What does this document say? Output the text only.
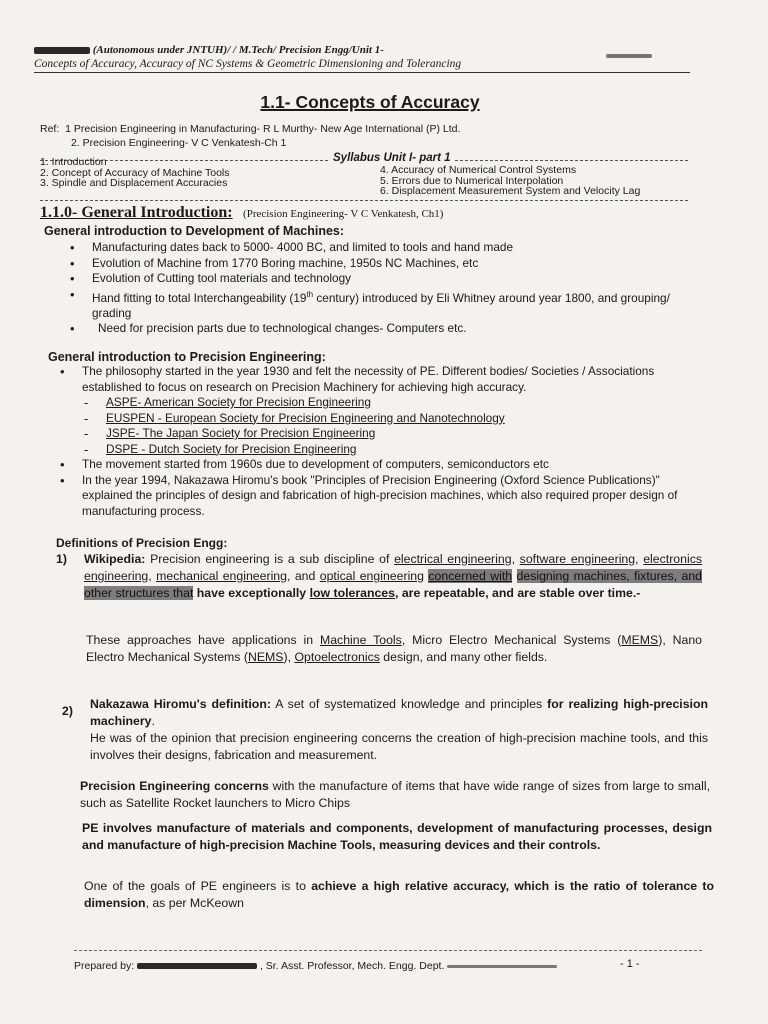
(Autonomous under JNTUH)/ / M.Tech/ Precision Engg/Unit 1-
Concepts of Accuracy, Accuracy of NC Systems & Geometric Dimensioning and Tolerancing
1.1- Concepts of Accuracy
Ref: 1 Precision Engineering in Manufacturing- R L Murthy- New Age International (P) Ltd.
2. Precision Engineering- V C Venkatesh-Ch 1
Syllabus Unit I- part 1
1. Introduction
2. Concept of Accuracy of Machine Tools
3. Spindle and Displacement Accuracies
4. Accuracy of Numerical Control Systems
5. Errors due to Numerical Interpolation
6. Displacement Measurement System and Velocity Lag
1.1.0- General Introduction: (Precision Engineering- V C Venkatesh, Ch1)
General introduction to Development of Machines:
• Manufacturing dates back to 5000- 4000 BC, and limited to tools and hand made
• Evolution of Machine from 1770 Boring machine, 1950s NC Machines, etc
• Evolution of Cutting tool materials and technology
• Hand fitting to total Interchangeability (19th century) introduced by Eli Whitney around year 1800, and grouping/ grading
• Need for precision parts due to technological changes- Computers etc.
General introduction to Precision Engineering:
• The philosophy started in the year 1930 and felt the necessity of PE. Different bodies/ Societies / Associations established to focus on research on Precision Machinery for achieving high accuracy.
- ASPE- American Society for Precision Engineering
- EUSPEN - European Society for Precision Engineering and Nanotechnology
- JSPE- The Japan Society for Precision Engineering
- DSPE - Dutch Society for Precision Engineering
• The movement started from 1960s due to development of computers, semiconductors etc
• In the year 1994, Nakazawa Hiromu's book "Principles of Precision Engineering (Oxford Science Publications)" explained the principles of design and fabrication of high-precision machines, which also required proper design of manufacturing process.
Definitions of Precision Engg:
1)	Wikipedia: Precision engineering is a sub discipline of electrical engineering, software engineering, electronics engineering, mechanical engineering, and optical engineering concerned with designing machines, fixtures, and other structures that have exceptionally low tolerances, are repeatable, and are stable over time.-
These approaches have applications in Machine Tools, Micro Electro Mechanical Systems (MEMS), Nano Electro Mechanical Systems (NEMS), Optoelectronics design, and many other fields.
2)	Nakazawa Hiromu's definition: A set of systematized knowledge and principles for realizing high-precision machinery.
He was of the opinion that precision engineering concerns the creation of high-precision machine tools, and this involves their designs, fabrication and measurement.
Precision Engineering concerns with the manufacture of items that have wide range of sizes from large to small, such as Satellite Rocket launchers to Micro Chips
PE involves manufacture of materials and components, development of manufacturing processes, design and manufacture of high-precision Machine Tools, measuring devices and their controls.
One of the goals of PE engineers is to achieve a high relative accuracy, which is the ratio of tolerance to dimension, as per McKeown
Prepared by:	, Sr. Asst. Professor, Mech. Engg. Dept.	- 1 -
